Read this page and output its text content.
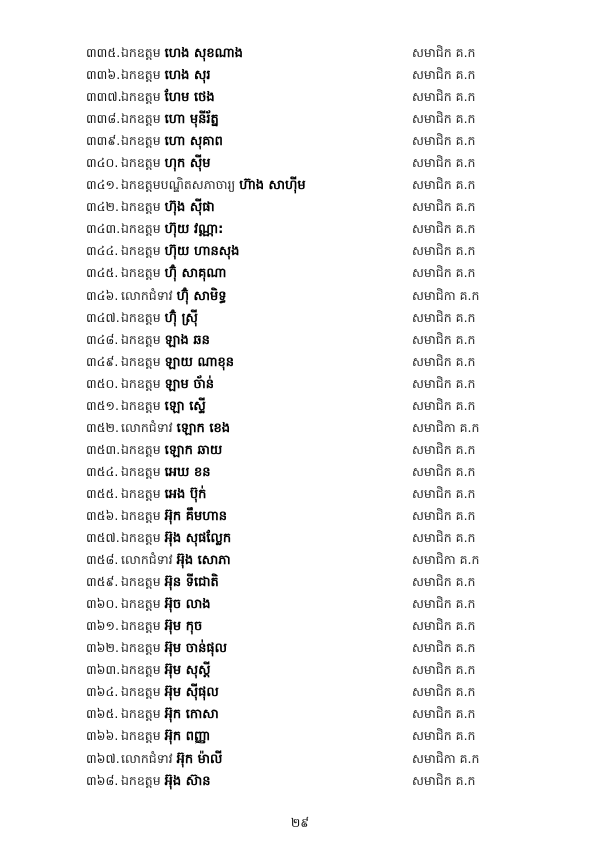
៣៣៥. ឯកឧត្តម ហេង សុខណាង	សមាជិក គ.ក
៣៣៦. ឯកឧត្តម ហេង សុរ	សមាជិក គ.ក
៣៣៧. ឯកឧត្តម ហែម ថេង	សមាជិក គ.ក
៣៣៨. ឯកឧត្តម ហោ មុនីរ័ត្ន	សមាជិក គ.ក
៣៣៩. ឯកឧត្តម ហោ សុគាព	សមាជិក គ.ក
៣៤០. ឯកឧត្តម ហុក ស៊ីម	សមាជិក គ.ក
៣៤១. ឯកឧត្តមបណ្ឌិតសភាចារ្យ ហ៊ាង សាហ៊ីម	សមាជិក គ.ក
៣៤២. ឯកឧត្តម ហ៊ុង ស៊ីផា	សមាជិក គ.ក
៣៤៣. ឯកឧត្តម ហ៊ុយ វណ្ណា:	សមាជិក គ.ក
៣៤៤. ឯកឧត្តម ហ៊ុយ ហានសុង	សមាជិក គ.ក
៣៤៥. ឯកឧត្តម ហ៊ុំ សាគុណា	សមាជិក គ.ក
៣៤៦. លោកជំទាវ ហ៊ុំ សាមិទ្ធ	សមាជិកា គ.ក
៣៤៧. ឯកឧត្តម ហ៊ុំ ស្រ៊ី	សមាជិក គ.ក
៣៤៨. ឯកឧត្តម ឡាង ឆន	សមាជិក គ.ក
៣៤៩. ឯកឧត្តម ឡាយ ណាខុន	សមាជិក គ.ក
៣៥០. ឯកឧត្តម ឡាម ច័ាន់	សមាជិក គ.ក
៣៥១. ឯកឧត្តម ឡោ ស្ទើ	សមាជិក គ.ក
៣៥២. លោកជំទាវ ឡោក ខេង	សមាជិកា គ.ក
៣៥៣. ឯកឧត្តម ឡោក ឆាយ	សមាជិក គ.ក
៣៥៤. ឯកឧត្តម អេឃ ខន	សមាជិក គ.ក
៣៥៥. ឯកឧត្តម អេង ប៊ុក់	សមាជិក គ.ក
៣៥៦. ឯកឧត្តម អ៊ុក គឹមហាន	សមាជិក គ.ក
៣៥៧. ឯកឧត្តម អ៊ុង សុផល្លែក	សមាជិក គ.ក
៣៥៨. លោកជំទាវ អ៊ុង សោភា	សមាជិកា គ.ក
៣៥៩. ឯកឧត្តម អ៊ុន ទីជោតិ	សមាជិក គ.ក
៣៦០. ឯកឧត្តម អ៊ុច លាង	សមាជិក គ.ក
៣៦១. ឯកឧត្តម អ៊ុម កុច	សមាជិក គ.ក
៣៦២. ឯកឧត្តម អ៊ុម ចាន់ផុល	សមាជិក គ.ក
៣៦៣. ឯកឧត្តម អ៊ុម សុស្តី	សមាជិក គ.ក
៣៦៤. ឯកឧត្តម អ៊ុម ស៊ីផុល	សមាជិក គ.ក
៣៦៥. ឯកឧត្តម អ៊ុក កោសា	សមាជិក គ.ក
៣៦៦. ឯកឧត្តម អ៊ុក ពញ្ញា	សមាជិក គ.ក
៣៦៧. លោកជំទាវ អ៊ុក ម៉ាលី	សមាជិកា គ.ក
៣៦៨. ឯកឧត្តម អ៊ុង ស៊ាន	សមាជិក គ.ក
២៩
